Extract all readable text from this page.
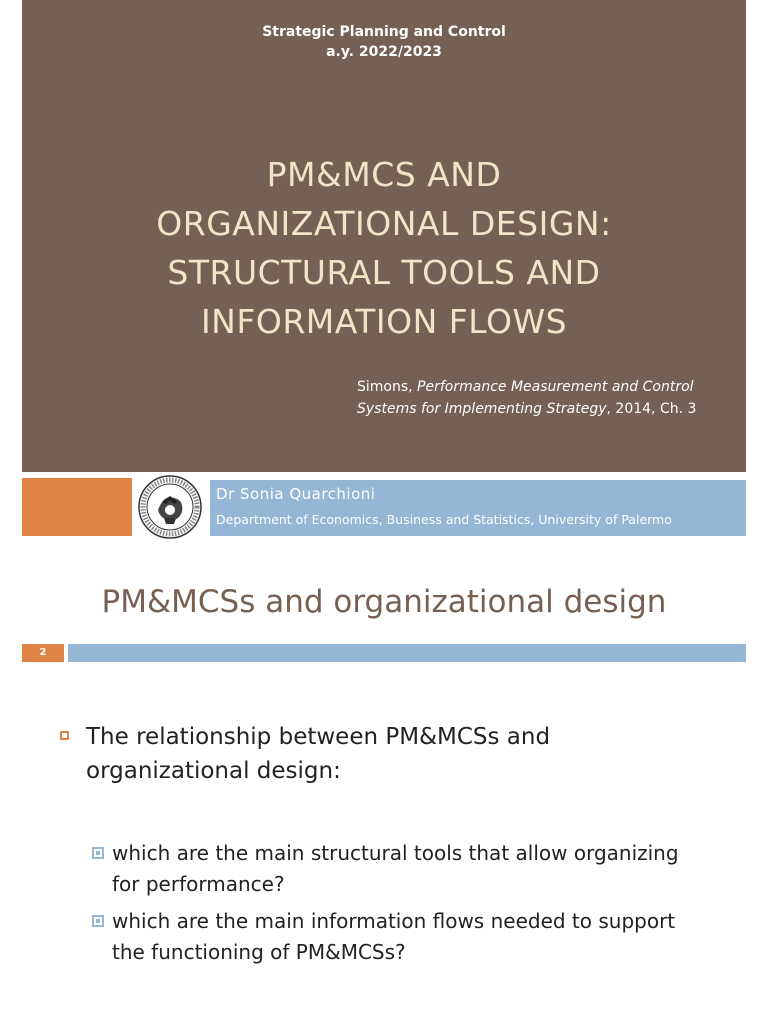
Strategic Planning and Control
a.y. 2022/2023
PM&MCS AND
ORGANIZATIONAL DESIGN:
STRUCTURAL TOOLS AND
INFORMATION FLOWS
Simons, Performance Measurement and Control
Systems for Implementing Strategy, 2014, Ch. 3
Dr Sonia Quarchioni
Department of Economics, Business and Statistics, University of Palermo
PM&MCSs and organizational design
2
The relationship between PM&MCSs and organizational design:
which are the main structural tools that allow organizing for performance?
which are the main information flows needed to support the functioning of PM&MCSs?
